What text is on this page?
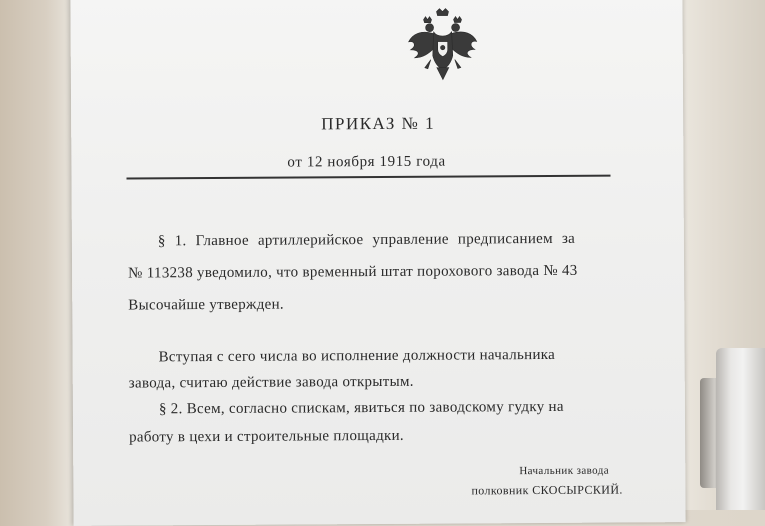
ПРИКАЗ № 1
от 12 ноября 1915 года
§ 1. Главное артиллерийское управление предписанием за
№ 113238 уведомило, что временный штат порохового завода № 43
Высочайше утвержден.
Вступая с сего числа во исполнение должности начальника
завода, считаю действие завода открытым.
§ 2. Всем, согласно спискам, явиться по заводскому гудку на
работу в цехи и строительные площадки.
Начальник завода
полковник СКОСЫРСКИЙ.
